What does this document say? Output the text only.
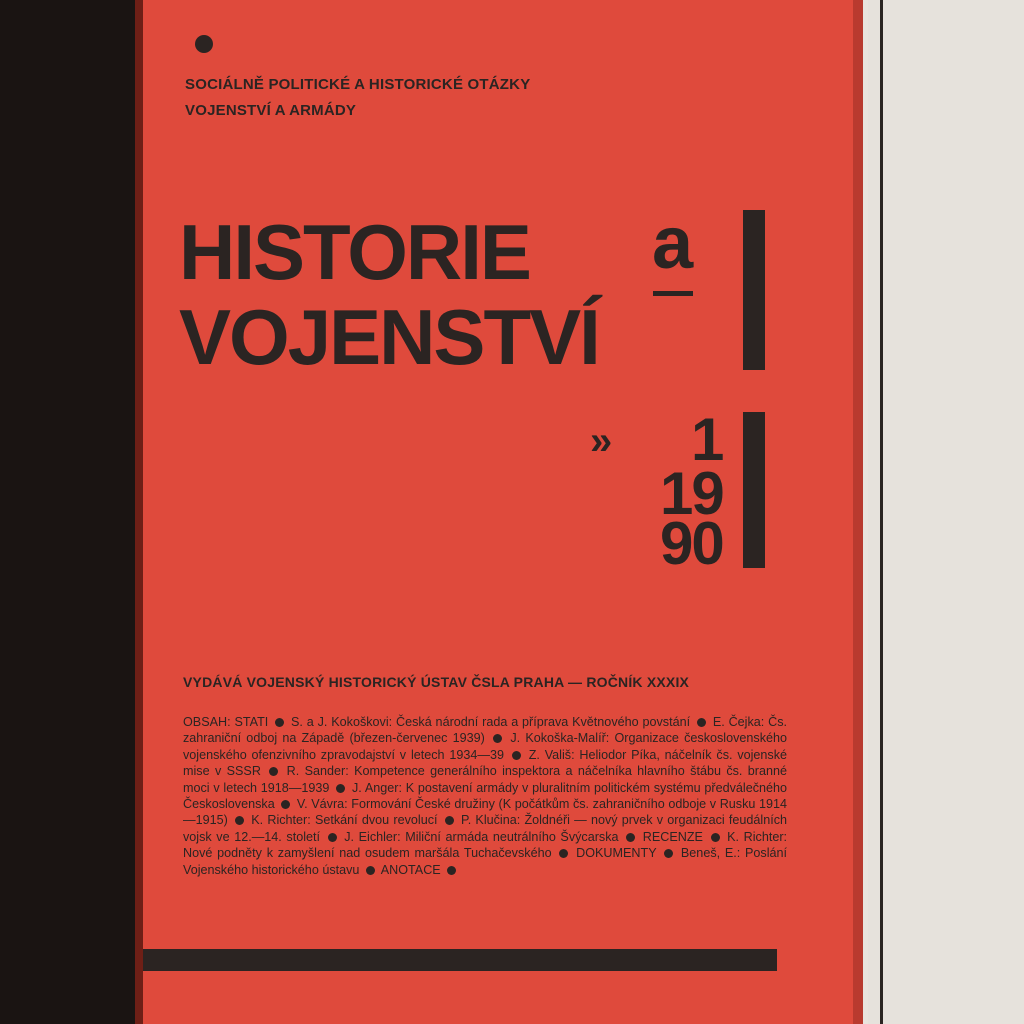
SOCIÁLNĚ POLITICKÉ A HISTORICKÉ OTÁZKY
VOJENSTVÍ A ARMÁDY
HISTORIE a
VOJENSTVÍ
» 1
19
90
VYDÁVÁ VOJENSKÝ HISTORICKÝ ÚSTAV ČSLA PRAHA — ROČNÍK XXXIX
OBSAH: STATI S. a J. Kokoškovi: Česká národní rada a příprava Květnového povstání E. Čejka: Čs. zahraniční odboj na Západě (březen-červenec 1939) J. Kokoška-Malíř: Organizace československého vojenského ofenzivního zpravodajství v letech 1934—39 Z. Vališ: Heliodor Píka, náčelník čs. vojenské mise v SSSR R. Sander: Kompetence generálního inspektora a náčelníka hlavního štábu čs. branné moci v letech 1918—1939 J. Anger: K postavení armády v pluralitním politickém systému předválečného Československa V. Vávra: Formování České družiny (K počátkům čs. zahraničního odboje v Rusku 1914—1915) K. Richter: Setkání dvou revolucí P. Klučina: Žoldnéři — nový prvek v organizaci feudálních vojsk ve 12.—14. století J. Eichler: Miliční armáda neutrálního Švýcarska RECENZE K. Richter: Nové podněty k zamyšlení nad osudem maršála Tuchačevského DOKUMENTY Beneš, E.: Poslání Vojenského historického ústavu ANOTACE
